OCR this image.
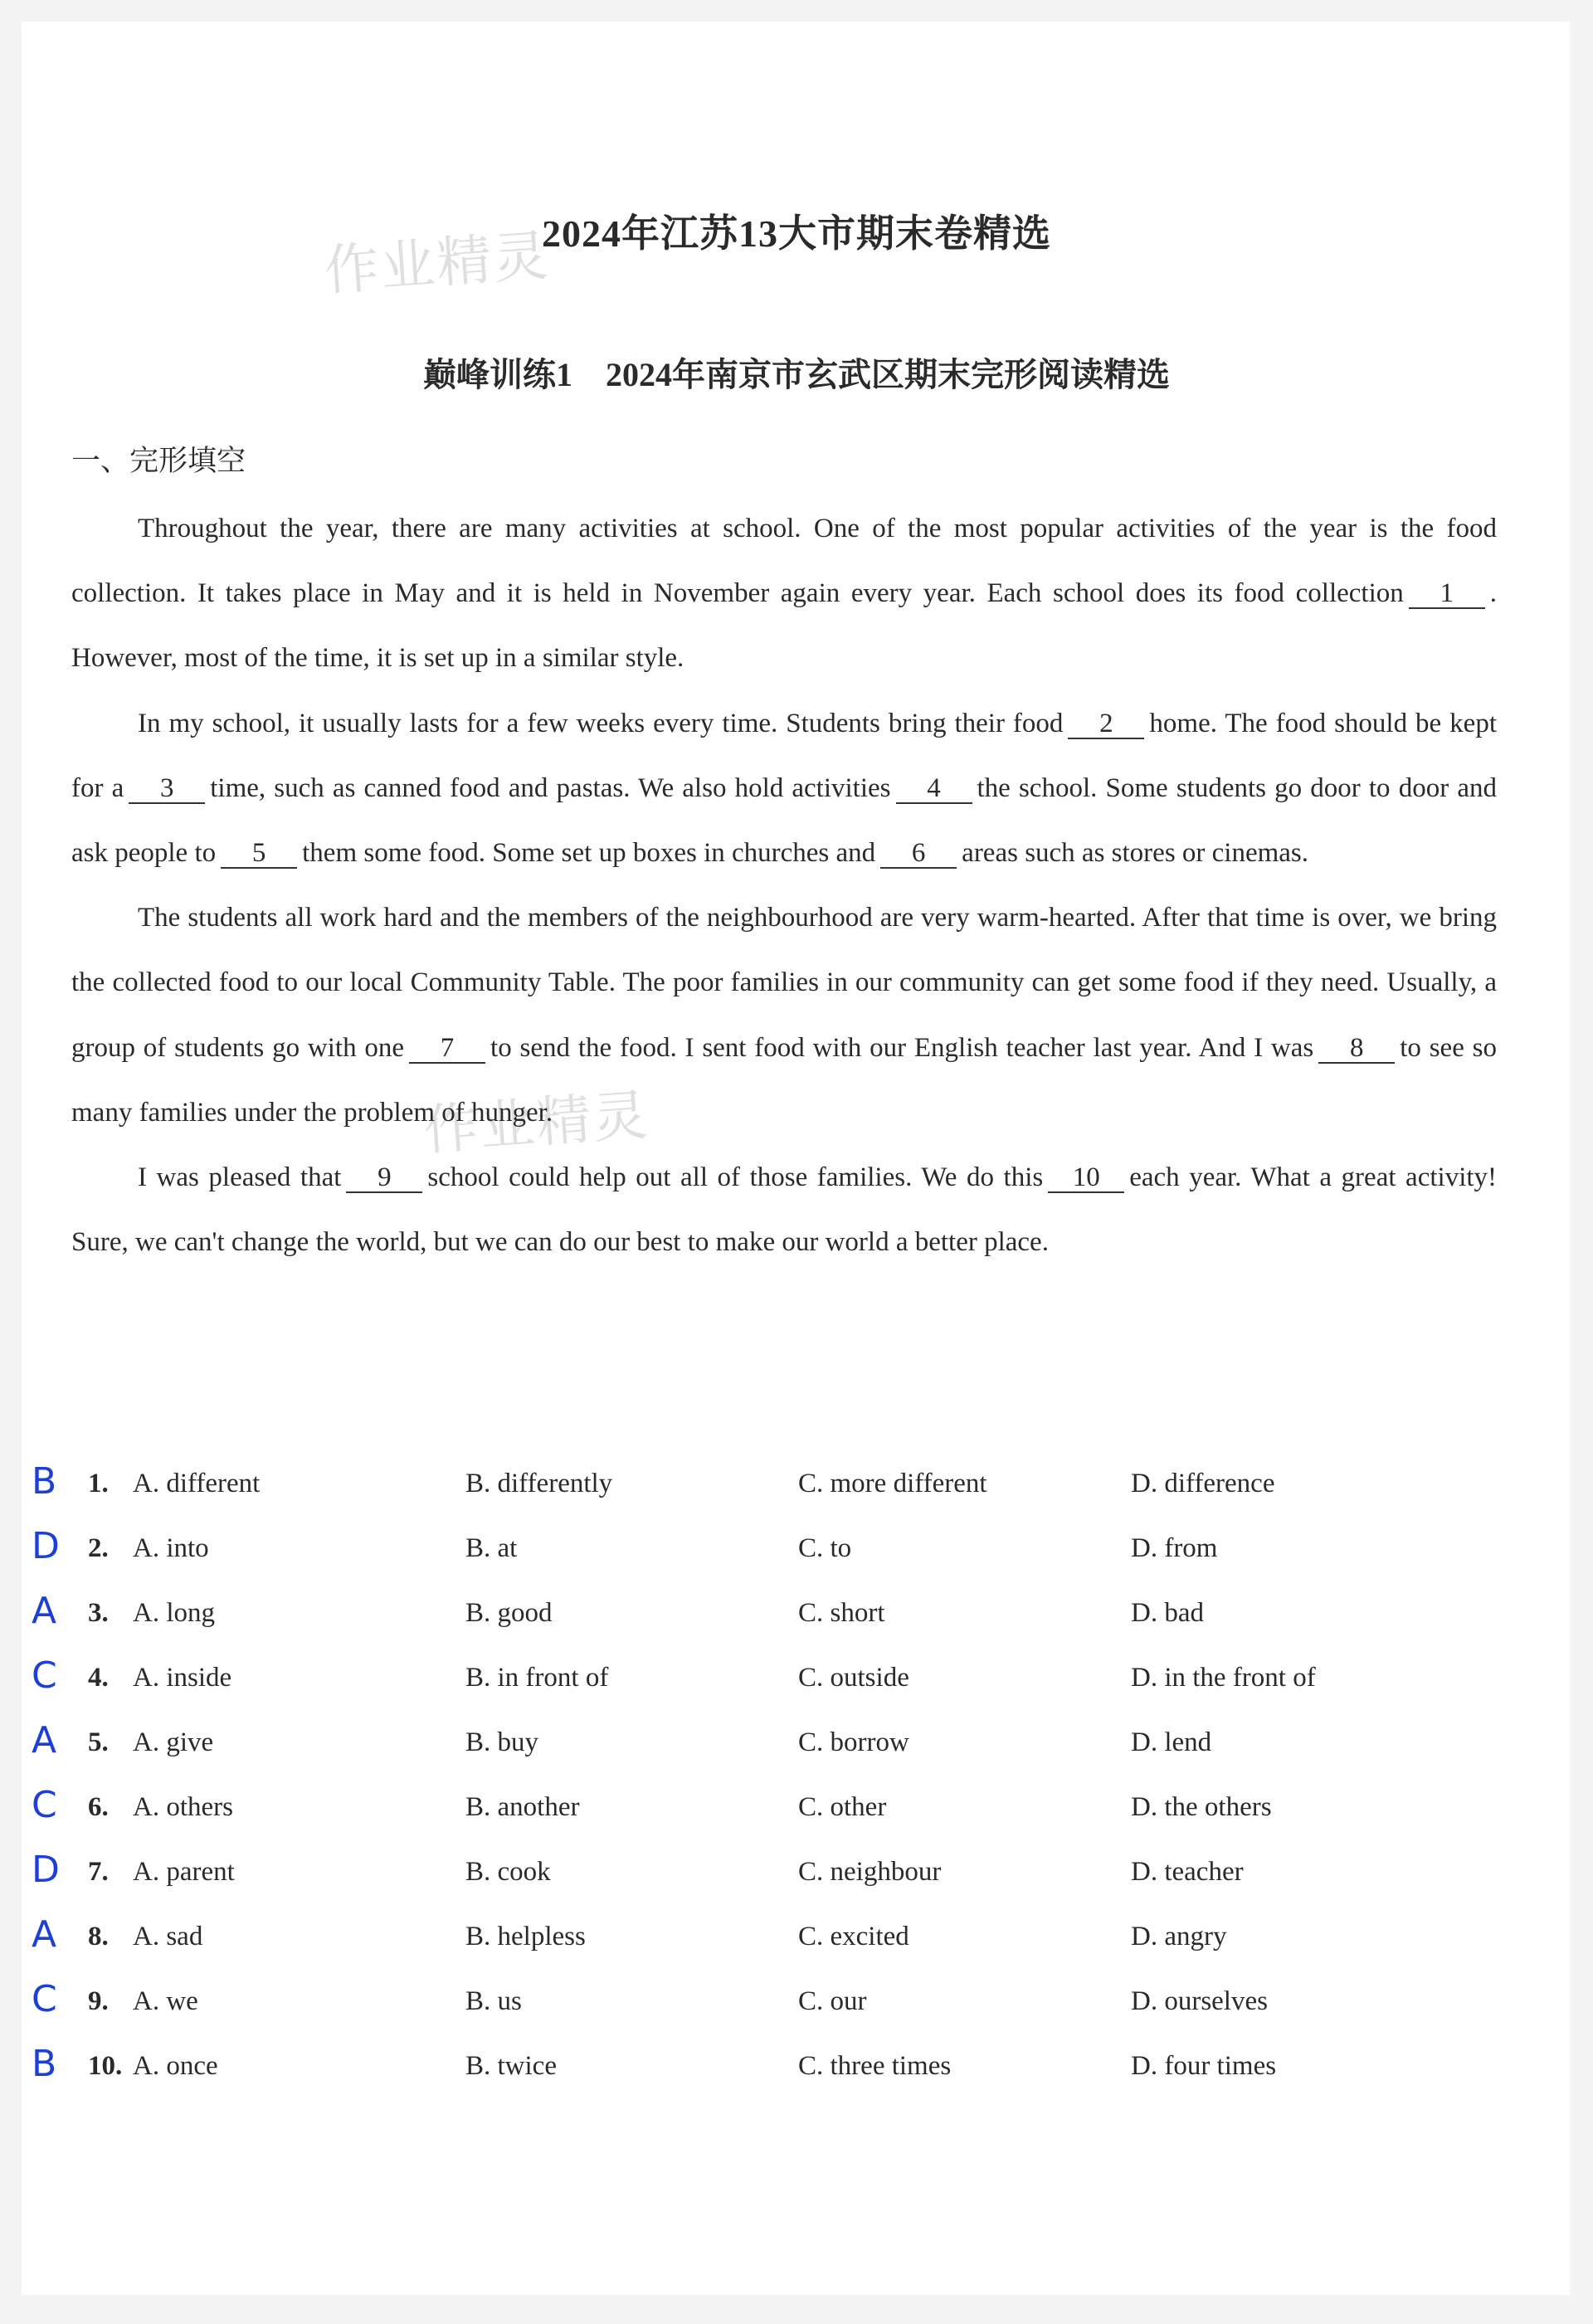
作业精灵
作业精灵
2024年江苏13大市期末卷精选
巅峰训练1　2024年南京市玄武区期末完形阅读精选
一、完形填空

Throughout the year, there are many activities at school. One of the most popular activities of the year is the food collection. It takes place in May and it is held in November again every year. Each school does its food collection 1 . However, most of the time, it is set up in a similar style.

In my school, it usually lasts for a few weeks every time. Students bring their food 2 home. The food should be kept for a 3 time, such as canned food and pastas. We also hold activities 4 the school. Some students go door to door and ask people to 5 them some food. Some set up boxes in churches and 6 areas such as stores or cinemas.

The students all work hard and the members of the neighbourhood are very warm-hearted. After that time is over, we bring the collected food to our local Community Table. The poor families in our community can get some food if they need. Usually, a group of students go with one 7 to send the food. I sent food with our English teacher last year. And I was 8 to see so many families under the problem of hunger.

I was pleased that 9 school could help out all of those families. We do this 10 each year. What a great activity! Sure, we can't change the world, but we can do our best to make our world a better place.

B 1. A. different	B. differently	C. more different	D. difference
D 2. A. into	B. at	C. to	D. from
A 3. A. long	B. good	C. short	D. bad
C 4. A. inside	B. in front of	C. outside	D. in the front of
A 5. A. give	B. buy	C. borrow	D. lend
C 6. A. others	B. another	C. other	D. the others
D 7. A. parent	B. cook	C. neighbour	D. teacher
A 8. A. sad	B. helpless	C. excited	D. angry
C 9. A. we	B. us	C. our	D. ourselves
B 10. A. once	B. twice	C. three times	D. four times
